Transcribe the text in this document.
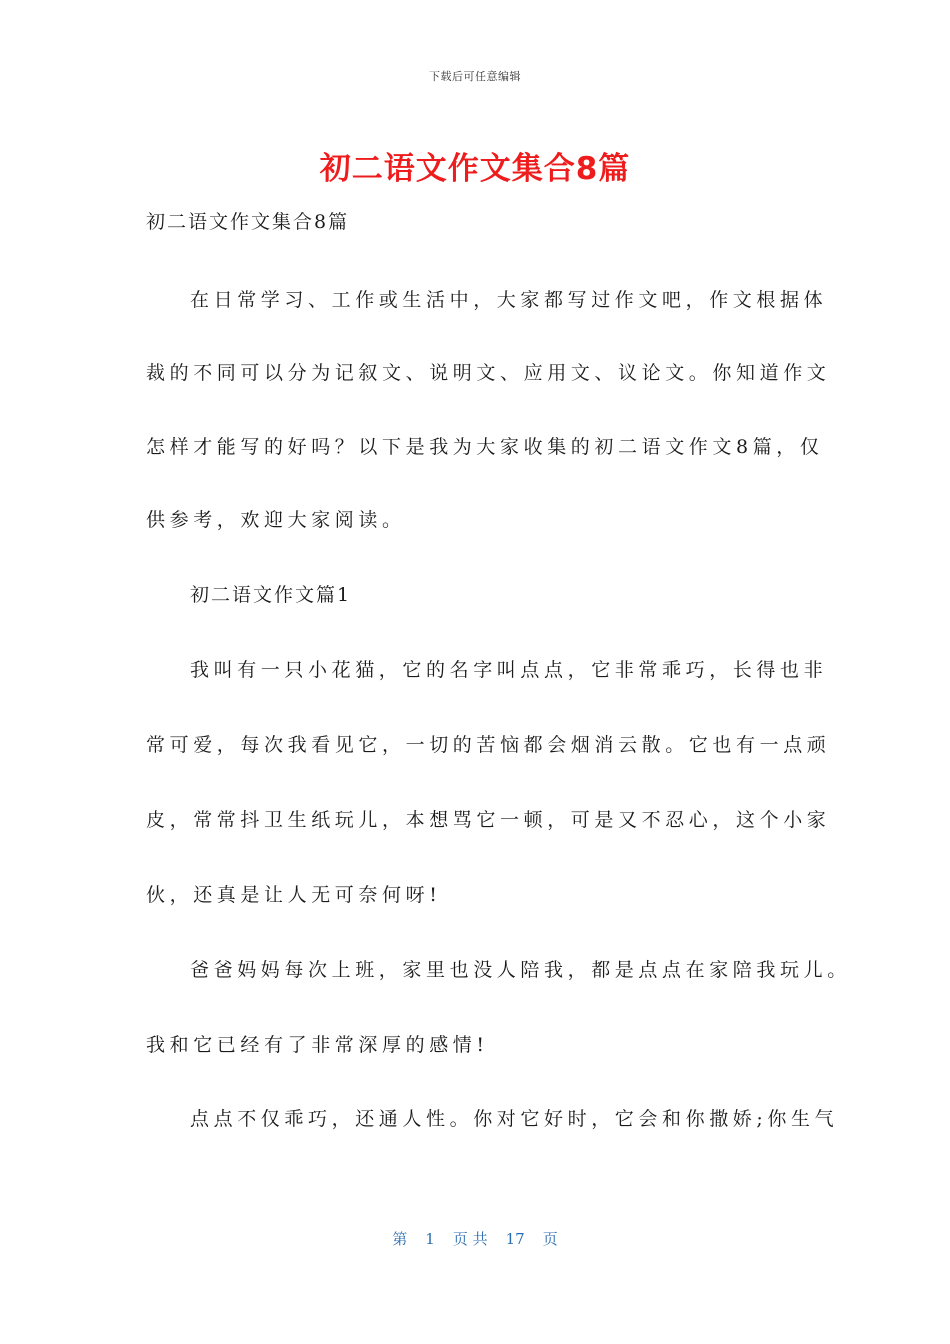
下载后可任意编辑
初二语文作文集合8篇
初二语文作文集合8篇
在日常学习、工作或生活中，大家都写过作文吧，作文根据体
裁的不同可以分为记叙文、说明文、应用文、议论文。你知道作文
怎样才能写的好吗？以下是我为大家收集的初二语文作文8篇，仅
供参考，欢迎大家阅读。
初二语文作文篇1
我叫有一只小花猫，它的名字叫点点，它非常乖巧，长得也非
常可爱，每次我看见它，一切的苦恼都会烟消云散。它也有一点顽
皮，常常抖卫生纸玩儿，本想骂它一顿，可是又不忍心，这个小家
伙，还真是让人无可奈何呀!
爸爸妈妈每次上班，家里也没人陪我，都是点点在家陪我玩儿。
我和它已经有了非常深厚的感情!
点点不仅乖巧，还通人性。你对它好时，它会和你撒娇;你生气
第 1 页 共 17 页
